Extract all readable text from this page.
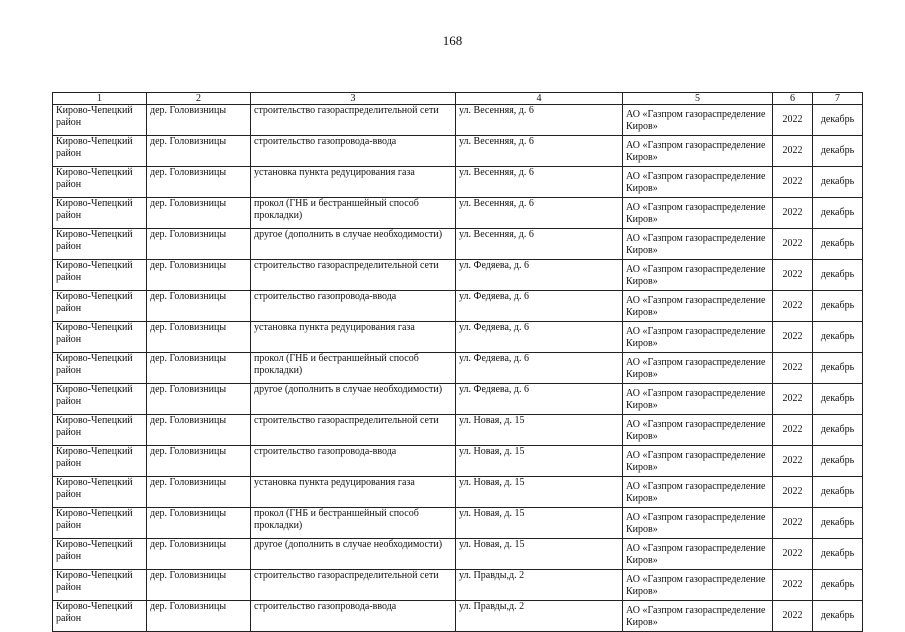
168
1	2	3	4	5	6	7
Кирово-Чепецкий район	дер. Головизницы	строительство газораспределительной сети	ул. Весенняя, д. 6	АО «Газпром газораспределение Киров»	2022	декабрь
Кирово-Чепецкий район	дер. Головизницы	строительство газопровода-ввода	ул. Весенняя, д. 6	АО «Газпром газораспределение Киров»	2022	декабрь
Кирово-Чепецкий район	дер. Головизницы	установка пункта редуцирования газа	ул. Весенняя, д. 6	АО «Газпром газораспределение Киров»	2022	декабрь
Кирово-Чепецкий район	дер. Головизницы	прокол (ГНБ и бестраншейный способ прокладки)	ул. Весенняя, д. 6	АО «Газпром газораспределение Киров»	2022	декабрь
Кирово-Чепецкий район	дер. Головизницы	другое (дополнить в случае необходимости)	ул. Весенняя, д. 6	АО «Газпром газораспределение Киров»	2022	декабрь
Кирово-Чепецкий район	дер. Головизницы	строительство газораспределительной сети	ул. Федяева, д. 6	АО «Газпром газораспределение Киров»	2022	декабрь
Кирово-Чепецкий район	дер. Головизницы	строительство газопровода-ввода	ул. Федяева, д. 6	АО «Газпром газораспределение Киров»	2022	декабрь
Кирово-Чепецкий район	дер. Головизницы	установка пункта редуцирования газа	ул. Федяева, д. 6	АО «Газпром газораспределение Киров»	2022	декабрь
Кирово-Чепецкий район	дер. Головизницы	прокол (ГНБ и бестраншейный способ прокладки)	ул. Федяева, д. 6	АО «Газпром газораспределение Киров»	2022	декабрь
Кирово-Чепецкий район	дер. Головизницы	другое (дополнить в случае необходимости)	ул. Федяева, д. 6	АО «Газпром газораспределение Киров»	2022	декабрь
Кирово-Чепецкий район	дер. Головизницы	строительство газораспределительной сети	ул. Новая, д. 15	АО «Газпром газораспределение Киров»	2022	декабрь
Кирово-Чепецкий район	дер. Головизницы	строительство газопровода-ввода	ул. Новая, д. 15	АО «Газпром газораспределение Киров»	2022	декабрь
Кирово-Чепецкий район	дер. Головизницы	установка пункта редуцирования газа	ул. Новая, д. 15	АО «Газпром газораспределение Киров»	2022	декабрь
Кирово-Чепецкий район	дер. Головизницы	прокол (ГНБ и бестраншейный способ прокладки)	ул. Новая, д. 15	АО «Газпром газораспределение Киров»	2022	декабрь
Кирово-Чепецкий район	дер. Головизницы	другое (дополнить в случае необходимости)	ул. Новая, д. 15	АО «Газпром газораспределение Киров»	2022	декабрь
Кирово-Чепецкий район	дер. Головизницы	строительство газораспределительной сети	ул. Правды,д. 2	АО «Газпром газораспределение Киров»	2022	декабрь
Кирово-Чепецкий район	дер. Головизницы	строительство газопровода-ввода	ул. Правды,д. 2	АО «Газпром газораспределение Киров»	2022	декабрь
